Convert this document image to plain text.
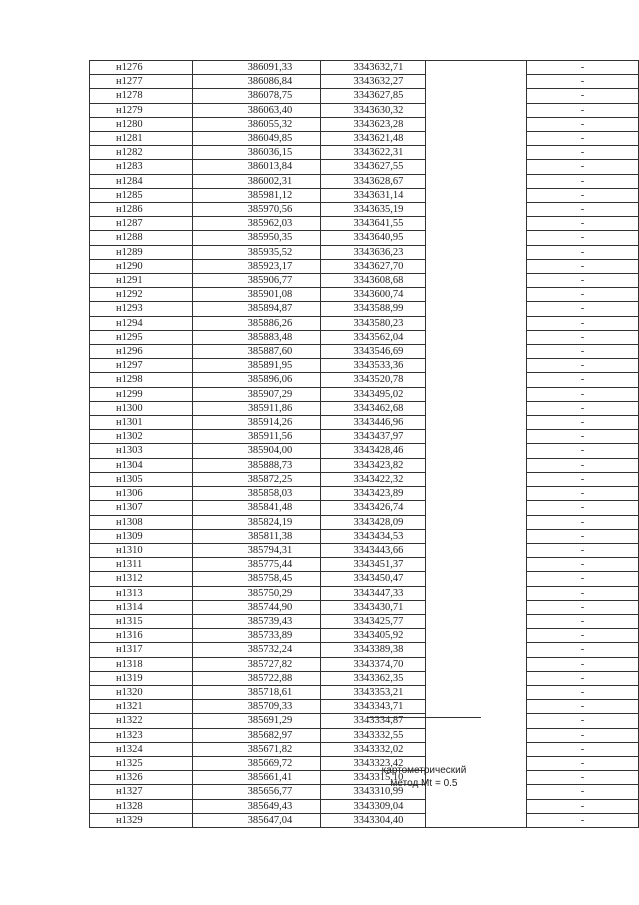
н1276	386091,33	3343632,71		-
н1277	386086,84	3343632,27		-
н1278	386078,75	3343627,85		-
н1279	386063,40	3343630,32		-
н1280	386055,32	3343623,28		-
н1281	386049,85	3343621,48		-
н1282	386036,15	3343622,31		-
н1283	386013,84	3343627,55		-
н1284	386002,31	3343628,67		-
н1285	385981,12	3343631,14		-
н1286	385970,56	3343635,19		-
н1287	385962,03	3343641,55		-
н1288	385950,35	3343640,95		-
н1289	385935,52	3343636,23		-
н1290	385923,17	3343627,70		-
н1291	385906,77	3343608,68		-
н1292	385901,08	3343600,74		-
н1293	385894,87	3343588,99		-
н1294	385886,26	3343580,23		-
н1295	385883,48	3343562,04		-
н1296	385887,60	3343546,69		-
н1297	385891,95	3343533,36		-
н1298	385896,06	3343520,78		-
н1299	385907,29	3343495,02		-
н1300	385911,86	3343462,68		-
н1301	385914,26	3343446,96		-
н1302	385911,56	3343437,97		-
н1303	385904,00	3343428,46		-
н1304	385888,73	3343423,82		-
н1305	385872,25	3343422,32		-
н1306	385858,03	3343423,89		-
н1307	385841,48	3343426,74		-
н1308	385824,19	3343428,09		-
н1309	385811,38	3343434,53		-
н1310	385794,31	3343443,66		-
н1311	385775,44	3343451,37		-
н1312	385758,45	3343450,47		-
н1313	385750,29	3343447,33		-
н1314	385744,90	3343430,71		-
н1315	385739,43	3343425,77		-
н1316	385733,89	3343405,92		-
н1317	385732,24	3343389,38		-
н1318	385727,82	3343374,70		-
н1319	385722,88	3343362,35		-
н1320	385718,61	3343353,21		-
н1321	385709,33	3343343,71		-
н1322	385691,29	3343334,87		-
н1323	385682,97	3343332,55		-
н1324	385671,82	3343332,02		-
н1325	385669,72	3343323,42		-
н1326	385661,41	3343315,10		-
н1327	385656,77	3343310,99		-
н1328	385649,43	3343309,04		-
н1329	385647,04	3343304,40		-
картометрический
метод Mt = 0.5
